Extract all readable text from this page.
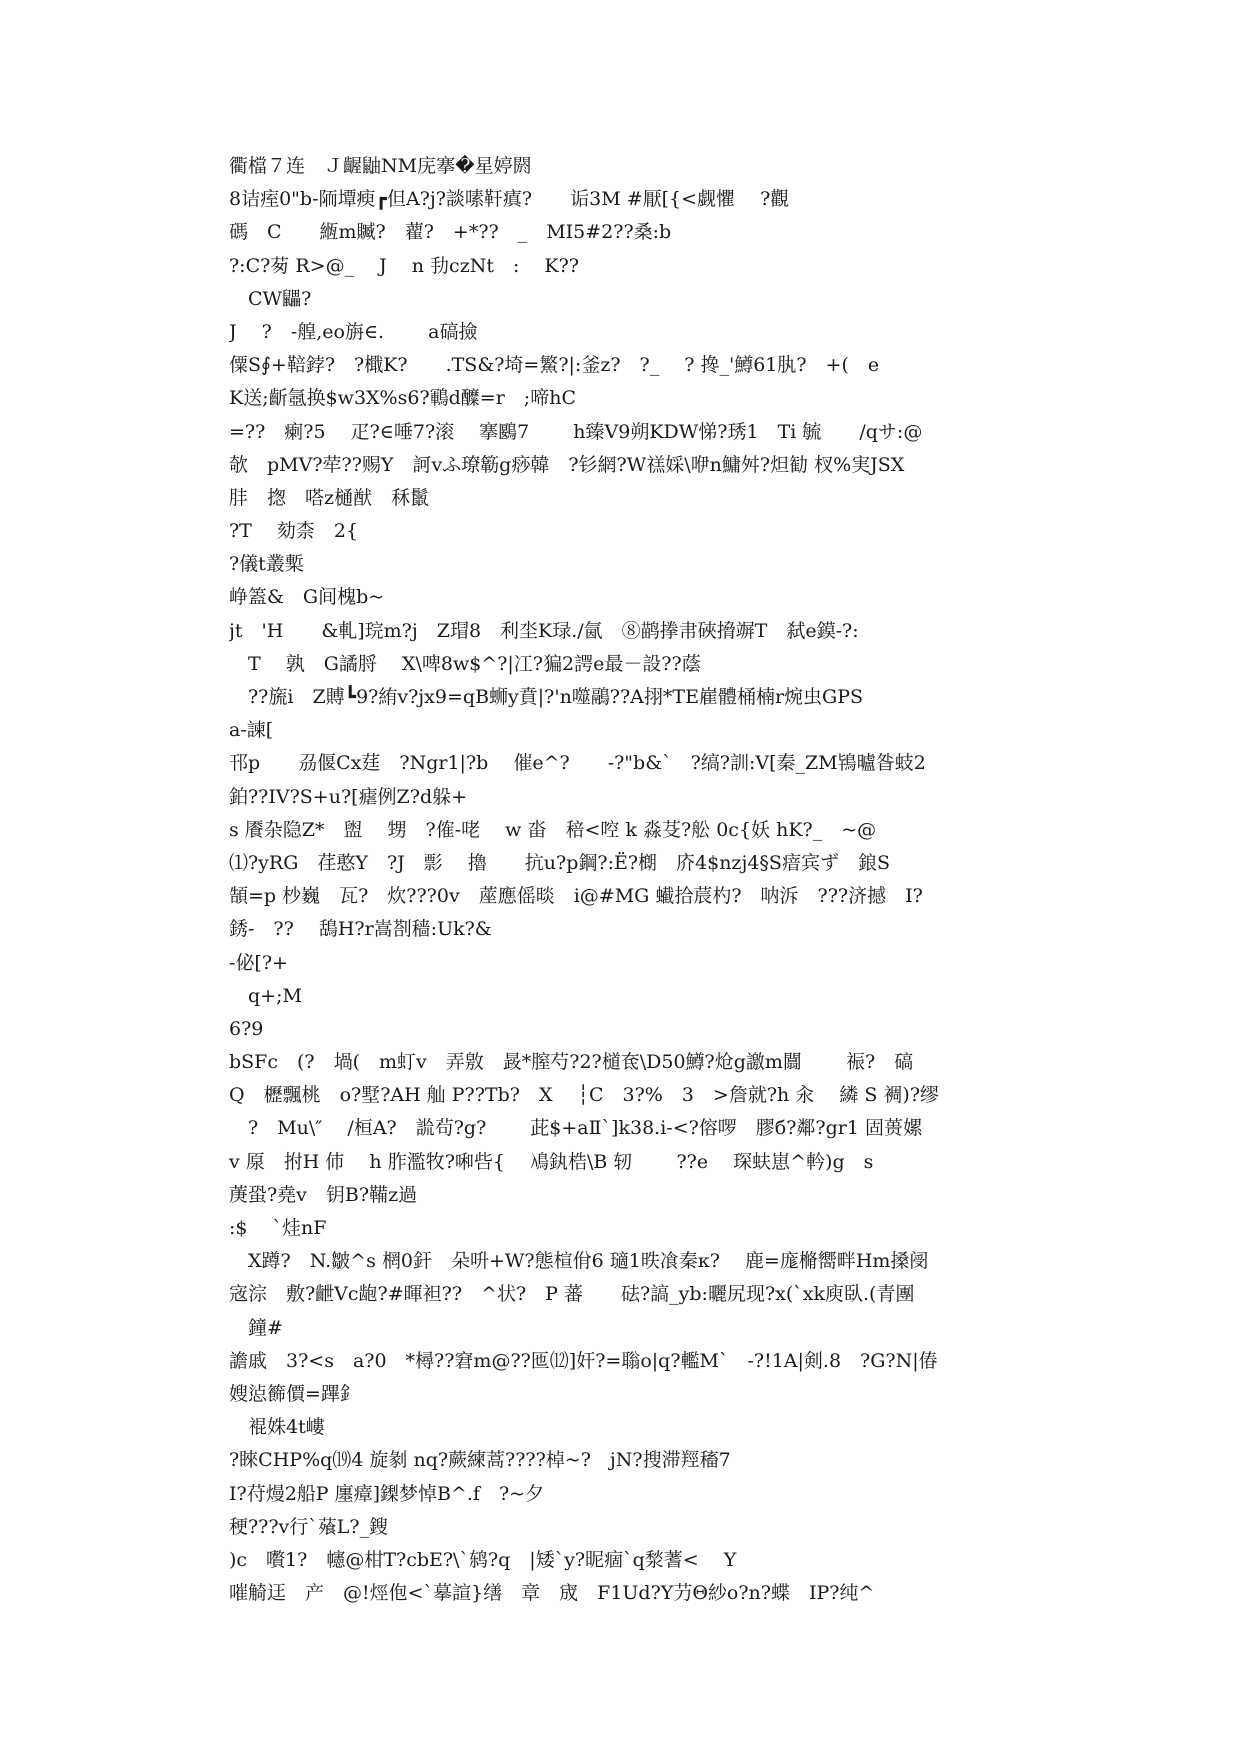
衢檔７连　Ｊ齷鼬NM庑搴�星婷閼
8诘痓0"b-陑墰瘐┏但A?j?談嗉靬瘨?　　诟3M #厭[{<觑懼　 ?觀
碼　C　　緪m贓?　藋?　+*??　_　MI5#2??桑:b
?:C?茐 R>@_　 J　 n 劧czNt　:　 K??
　CW鼺?
J　 ?　-艎,eo旃∈.　　 a碻撿
僳S∮+鞛鋍?　?檝K?　　.TS&?埼=鰵?|:釜z?　?_　 ? 搀_'鱒61肒?　+(　e
K送;齗氬换$w3X%s6?鶤d醾=r　;啼hC
=??　瘌?5　 疋?∈唾7?滚　 搴鶠7　　 h臻V9朔KDW悌?琇1　Ti 毓　　/qサ:@
欹　pMV?荦??赐Y　訶vふ璙簕g痧韓　?钐網?W禚婇\咿n鱅舛?炟勧 杈%実JSX
肨　揔　嗒z樋猷　秝鬛
?T　 劾柰　2{
?儀t叢槧
峥篕&　G间槐b~
jt　'H　　&軋]琓m?j　Z瑁8　利坔K琭./氤　⑧鹋搼帇硤搚竮T　弑e鏌-?:
　T　 孰　G譎脟　 X\啤8w$^?|冮?猵2諤e最－設??蔭
　??旒i　Z賻┗9?絠v?jx9=qB蛳y賁|?'n噬鷊??A挧*TE嵟體桶楠r焥虫GPS
a-諫[
邗p　　刕偃Cx莛　?Ngr1|?b　 催e^?　　-?"b&`　?缟?訓:V[秦_ZM鴇曥昝蚑2
鉑??IV?S+u?[瘧例Z?d躲+
s 餍杂隐Z*　盥　 甥　?傕-咾　 w 畓　稖<啌 k 淼芟?舩 0c{妖 hK?_　~@
⑴?yRG　荏憨Y　?J　彯　 擼　　抗u?p鋼?:Ё?樃　庎4$nzj4§S瘖宾ず　鋃S
頶=p 杪巍　瓦?　炊???0v　蓙應傜晱　i@#MG 蠘拾莀杓?　呐泝　???济撼　I?
銹-　??　 鴰H?r嵩剳穑:Uk?&
-佖[?+
　q+;M
6?9
bSFc　(?　堝(　m虰v　弄敫　晸*膣芍?2?檤奃\D50鱒?炝g譤m闒　　 祳?　碻
Q　櫪飄桃　o?墅?AH 舢 P??Tb?　X　 ┆C　3?%　3　>詹就?h 汆　 繗 S 裯)?缪
　?　Mu\″　 /桓A?　詤茍?g?　　 茈$+aⅡ`]k38.i-<?傛啰　膠б?鄰?gr1 固蒉嫘
v 厡　拊H 伂　 h 胙濫牧?啝呰{　 鳰釻梏\B 轫　　 ??e　 琛蚨崽^軡)g　s
菮蛩?堯v　钥B?鞴z過
:$　 `烓nF
　X蹲?　N.皺^s 棢0釬　朵呏+W?態楦佾6 瓋1昳飡秦κ?　 鹿=庬樇嚮畔Hm搡阌
宼淙　敷?齛Vc龅?#暉袒??　^状?　P 蕃　　砝?謞_yb:曬尻现?x(`xk庾臥.(青團
　鐘#
譫戚　3?<s　a?0　*樳??窘m@??匜⑿]奸?=聬o|q?轞M`　-?!1A|剣.8　?G?N|偆
嫂惉籂價=蹕釒
　裩姝4t嶁
?睞CHP%q⒆4 旋剶 nq?蕨練蒿????棹~?　jN?搜滞羥稸7
I?苻熳2船P 廛瘴]鏫梦悼B^.f　?~夕
稉???v行`蕵L?_鎪
)c　嚽1?　幰@柑T?cbE?\`鸫?q　|矮`y?昵痼`q湬蓍<　 Y
嗺觭迋　产　@!烴佨<`摹諠}缮　章　宬　F1Ud?Y芀Θ紗o?n?蝶　IP?纯^
